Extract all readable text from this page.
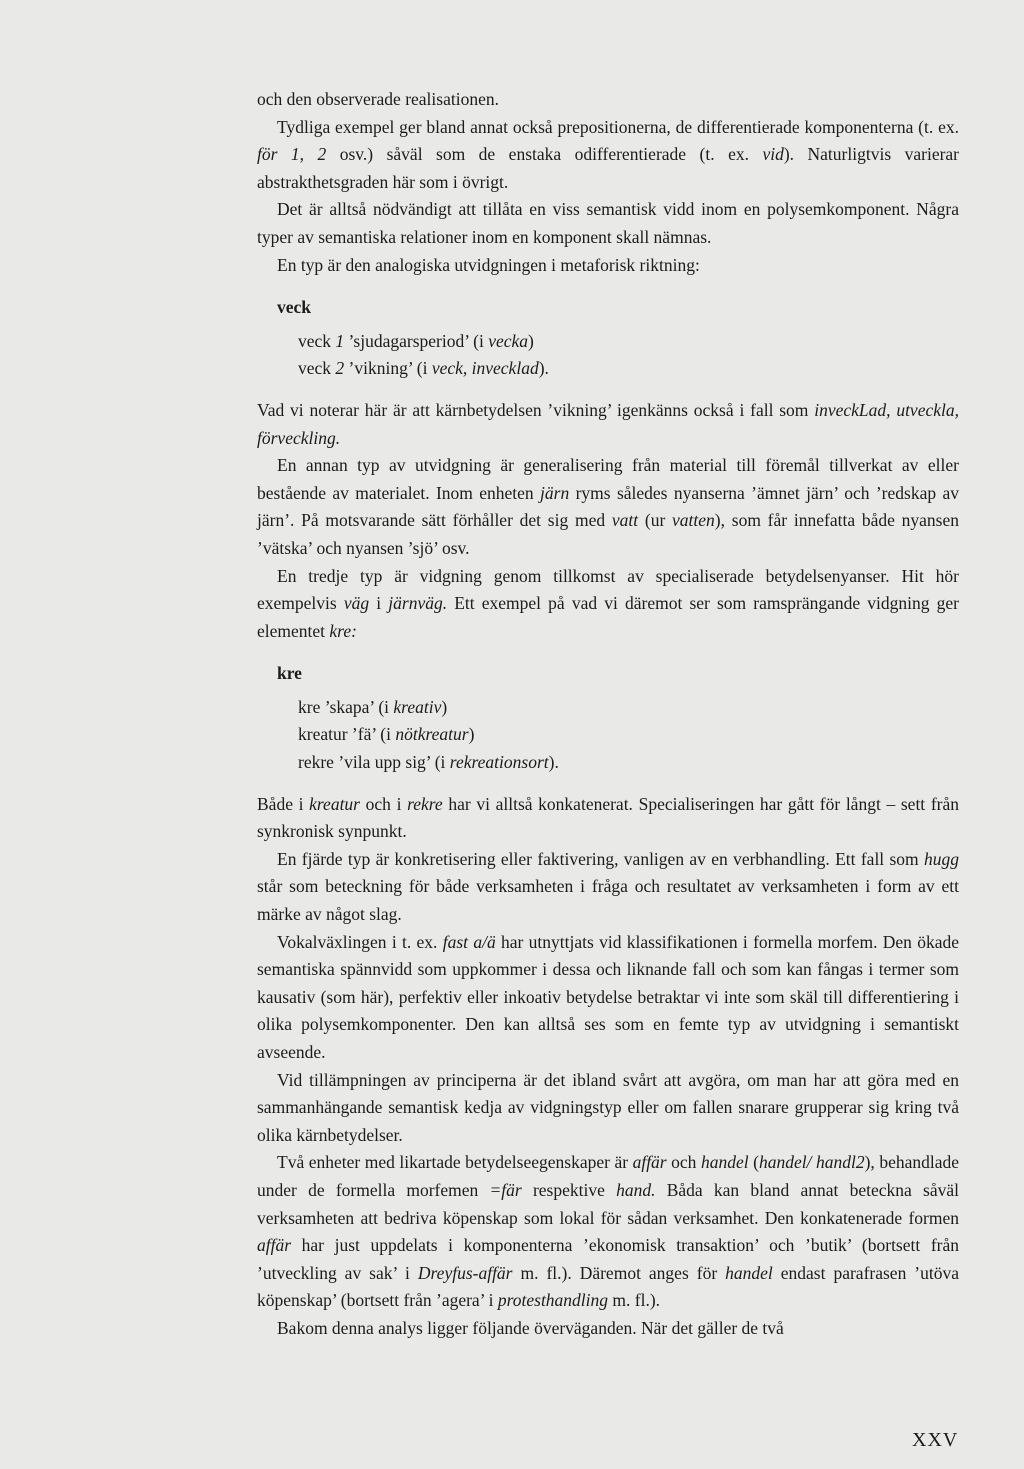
och den observerade realisationen.

Tydliga exempel ger bland annat också prepositionerna, de differentierade komponenterna (t. ex. för 1, 2 osv.) såväl som de enstaka odifferentierade (t. ex. vid). Naturligtvis varierar abstrakthetsgraden här som i övrigt.

Det är alltså nödvändigt att tillåta en viss semantisk vidd inom en polysemkomponent. Några typer av semantiska relationer inom en komponent skall nämnas.

En typ är den analogiska utvidgningen i metaforisk riktning:

veck
veck 1 ’sjudagarsperiod’ (i vecka)
veck 2 ’vikning’ (i veck, invecklad).

Vad vi noterar här är att kärnbetydelsen ’vikning’ igenkänns också i fall som inveckLad, utveckla, förveckling.

En annan typ av utvidgning är generalisering från material till föremål tillverkat av eller bestående av materialet. Inom enheten järn ryms således nyanserna ’ämnet järn’ och ’redskap av järn’. På motsvarande sätt förhåller det sig med vatt (ur vatten), som får innefatta både nyansen ’vätska’ och nyansen ’sjö’ osv.

En tredje typ är vidgning genom tillkomst av specialiserade betydelsenyanser. Hit hör exempelvis väg i järnväg. Ett exempel på vad vi däremot ser som ramsprängande vidgning ger elementet kre:

kre
kre ’skapa’ (i kreativ)
kreatur ’fä’ (i nötkreatur)
rekre ’vila upp sig’ (i rekreationsort).

Både i kreatur och i rekre har vi alltså konkatenerat. Specialiseringen har gått för långt – sett från synkronisk synpunkt.

En fjärde typ är konkretisering eller faktivering, vanligen av en verbhandling. Ett fall som hugg står som beteckning för både verksamheten i fråga och resultatet av verksamheten i form av ett märke av något slag.

Vokalväxlingen i t. ex. fast a/ä har utnyttjats vid klassifikationen i formella morfem. Den ökade semantiska spännvidd som uppkommer i dessa och liknande fall och som kan fångas i termer som kausativ (som här), perfektiv eller inkoativ betydelse betraktar vi inte som skäl till differentiering i olika polysemkomponenter. Den kan alltså ses som en femte typ av utvidgning i semantiskt avseende.

Vid tillämpningen av principerna är det ibland svårt att avgöra, om man har att göra med en sammanhängande semantisk kedja av vidgningstyp eller om fallen snarare grupperar sig kring två olika kärnbetydelser.

Två enheter med likartade betydelseegenskaper är affär och handel (handel/ handl2), behandlade under de formella morfemen =fär respektive hand. Båda kan bland annat beteckna såväl verksamheten att bedriva köpenskap som lokal för sådan verksamhet. Den konkatenerade formen affär har just uppdelats i komponenterna ’ekonomisk transaktion’ och ’butik’ (bortsett från ’utveckling av sak’ i Dreyfus-affär m. fl.). Däremot anges för handel endast parafrasen ’utöva köpenskap’ (bortsett från ’agera’ i protesthandling m. fl.).

Bakom denna analys ligger följande överväganden. När det gäller de två

XXV
